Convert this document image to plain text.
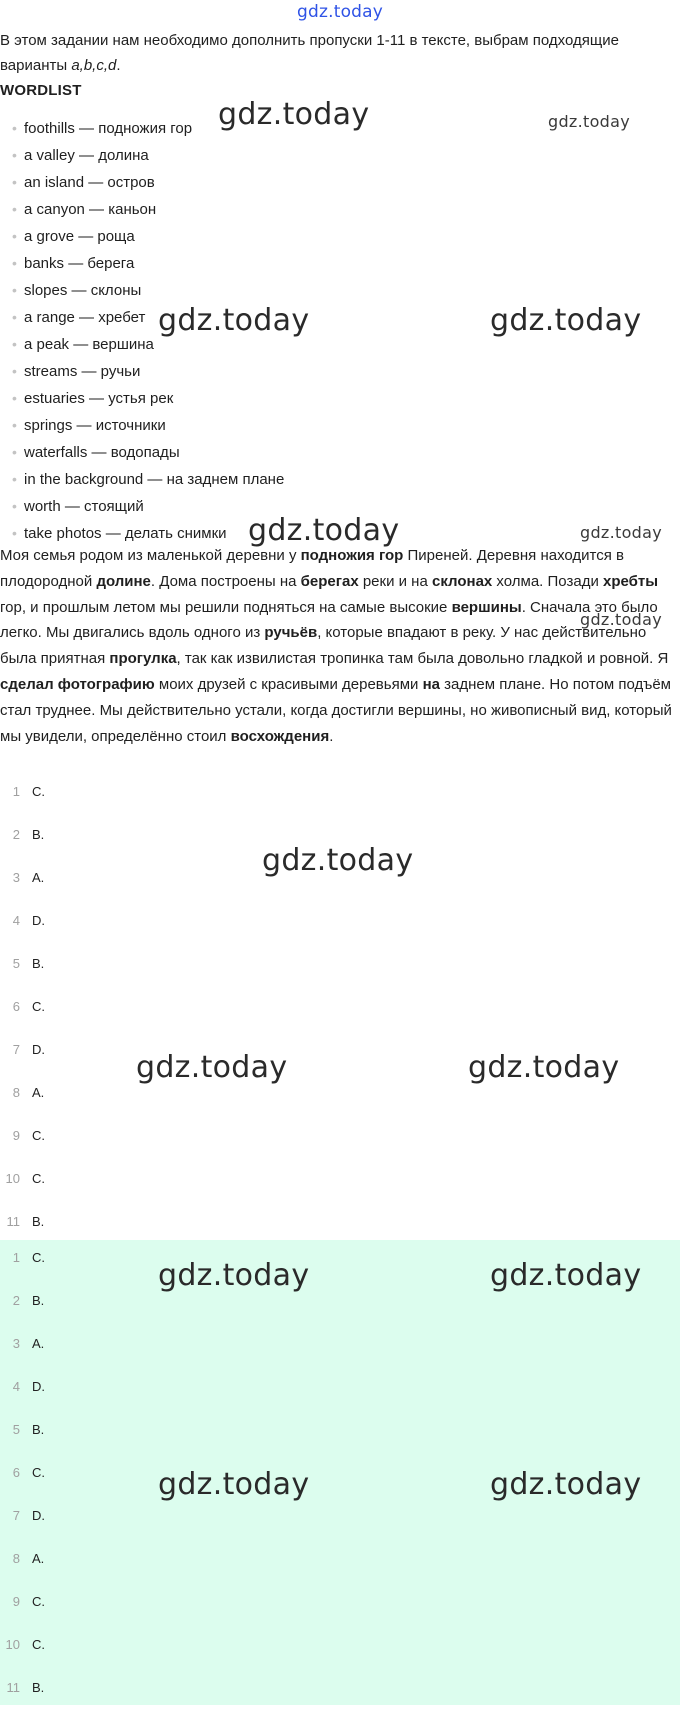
gdz.today
В этом задании нам необходимо дополнить пропуски 1-11 в тексте, выбрам подходящие варианты a,b,c,d.
WORDLIST
• foothills — подножия гор
• a valley — долина
• an island — остров
• a canyon — каньон
• a grove — роща
• banks — берега
• slopes — склоны
• a range — хребет
• a peak — вершина
• streams — ручьи
• estuaries — устья рек
• springs — источники
• waterfalls — водопады
• in the background — на заднем плане
• worth — стоящий
• take photos — делать снимки

Моя семья родом из маленькой деревни у подножия гор Пиреней. Деревня находится в плодородной долине. Дома построены на берегах реки и на склонах холма. Позади хребты гор, и прошлым летом мы решили подняться на самые высокие вершины. Сначала это было легко. Мы двигались вдоль одного из ручьёв, которые впадают в реку. У нас действительно была приятная прогулка, так как извилистая тропинка там была довольно гладкой и ровной. Я сделал фотографию моих друзей с красивыми деревьями на заднем плане. Но потом подъём стал труднее. Мы действительно устали, когда достигли вершины, но живописный вид, который мы увидели, определённо стоил восхождения.

1 C.
2 B.
3 A.
4 D.
5 B.
6 C.
7 D.
8 A.
9 C.
10 C.
11 B.
1 C.
2 B.
3 A.
4 D.
5 B.
6 C.
7 D.
8 A.
9 C.
10 C.
11 B.
gdz.today	gdz.today
gdz.today	gdz.today
gdz.today	gdz.today
gdz.today
gdz.today
gdz.today	gdz.today
gdz.today	gdz.today
gdz.today	gdz.today
